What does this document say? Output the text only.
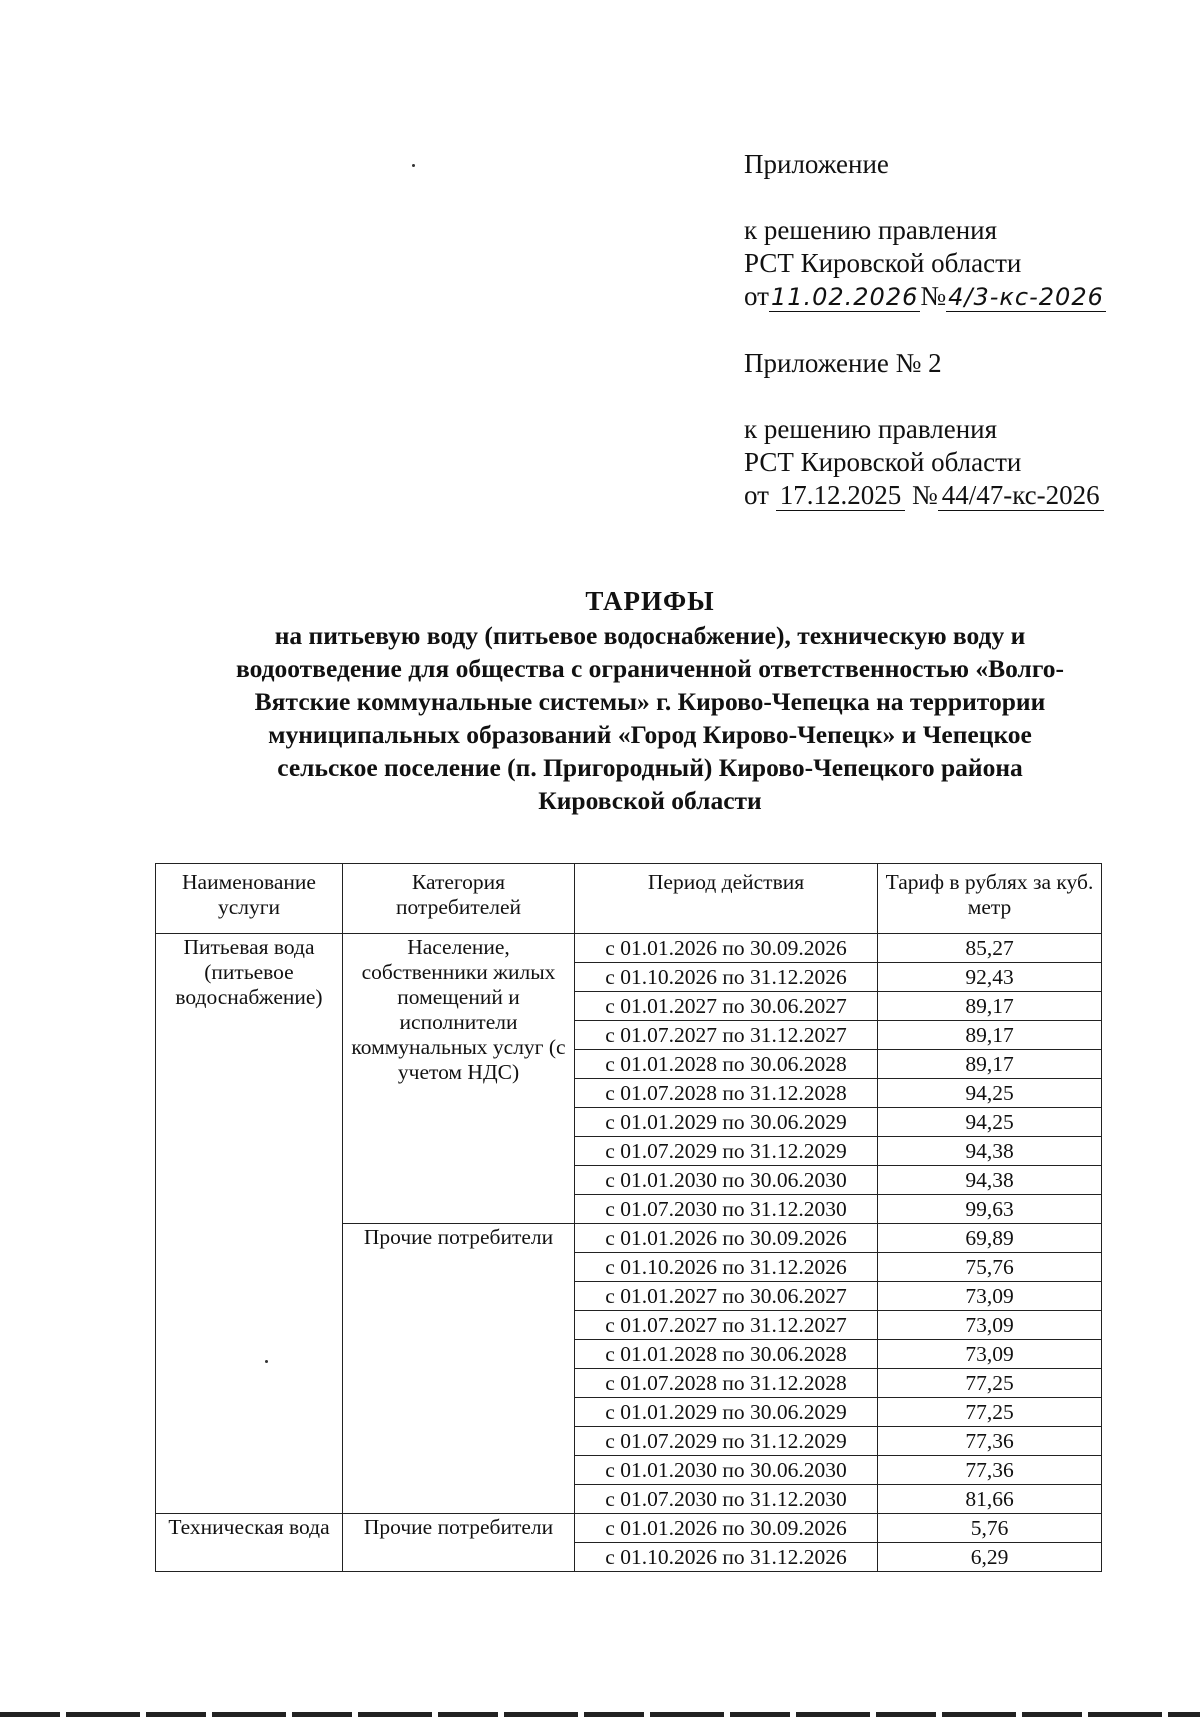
Приложение

к решению правления

РСТ Кировской области

от11.02.2026№4/3-кс-2026

Приложение № 2

к решению правления

РСТ Кировской области

от 17.12.2025 № 44/47-кс-2026

ТАРИФЫ
на питьевую воду (питьевое водоснабжение), техническую воду и
водоотведение для общества с ограниченной ответственностью «Волго-
Вятские коммунальные системы» г. Кирово-Чепецка на территории
муниципальных образований «Город Кирово-Чепецк» и Чепецкое
сельское поселение (п. Пригородный) Кирово-Чепецкого района
Кировской области
Наименование услуги	Категория потребителей	Период действия	Тариф в рублях за куб. метр
Питьевая вода (питьевое водоснабжение)	Население, собственники жилых помещений и исполнители коммунальных услуг (с учетом НДС)	с 01.01.2026 по 30.09.2026	85,27
		с 01.10.2026 по 31.12.2026	92,43
		с 01.01.2027 по 30.06.2027	89,17
		с 01.07.2027 по 31.12.2027	89,17
		с 01.01.2028 по 30.06.2028	89,17
		с 01.07.2028 по 31.12.2028	94,25
		с 01.01.2029 по 30.06.2029	94,25
		с 01.07.2029 по 31.12.2029	94,38
		с 01.01.2030 по 30.06.2030	94,38
		с 01.07.2030 по 31.12.2030	99,63
	Прочие потребители	с 01.01.2026 по 30.09.2026	69,89
		с 01.10.2026 по 31.12.2026	75,76
		с 01.01.2027 по 30.06.2027	73,09
		с 01.07.2027 по 31.12.2027	73,09
		с 01.01.2028 по 30.06.2028	73,09
		с 01.07.2028 по 31.12.2028	77,25
		с 01.01.2029 по 30.06.2029	77,25
		с 01.07.2029 по 31.12.2029	77,36
		с 01.01.2030 по 30.06.2030	77,36
		с 01.07.2030 по 31.12.2030	81,66
Техническая вода	Прочие потребители	с 01.01.2026 по 30.09.2026	5,76
		с 01.10.2026 по 31.12.2026	6,29
